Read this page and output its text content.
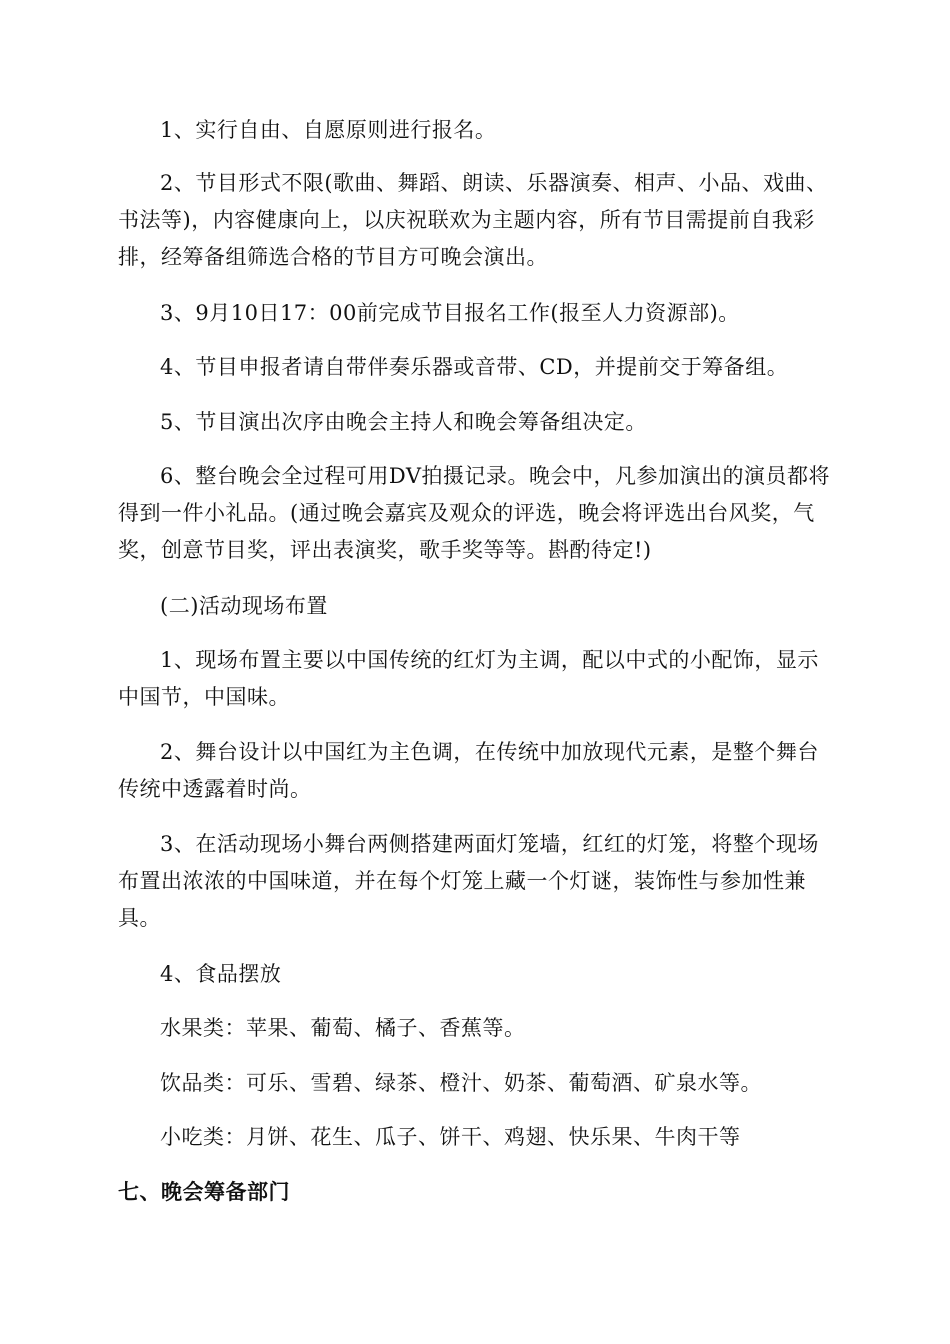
1、实行自由、自愿原则进行报名。

2、节目形式不限(歌曲、舞蹈、朗读、乐器演奏、相声、小品、戏曲、书法等)，内容健康向上，以庆祝联欢为主题内容，所有节目需提前自我彩排，经筹备组筛选合格的节目方可晚会演出。

3、9月10日17：00前完成节目报名工作(报至人力资源部)。

4、节目申报者请自带伴奏乐器或音带、CD，并提前交于筹备组。

5、节目演出次序由晚会主持人和晚会筹备组决定。

6、整台晚会全过程可用DV拍摄记录。晚会中，凡参加演出的演员都将得到一件小礼品。(通过晚会嘉宾及观众的评选，晚会将评选出台风奖，气奖，创意节目奖，评出表演奖，歌手奖等等。斟酌待定!)

(二)活动现场布置

1、现场布置主要以中国传统的红灯为主调，配以中式的小配饰，显示中国节，中国味。

2、舞台设计以中国红为主色调，在传统中加放现代元素，是整个舞台传统中透露着时尚。

3、在活动现场小舞台两侧搭建两面灯笼墙，红红的灯笼，将整个现场布置出浓浓的中国味道，并在每个灯笼上藏一个灯谜，装饰性与参加性兼具。

4、食品摆放

水果类：苹果、葡萄、橘子、香蕉等。

饮品类：可乐、雪碧、绿茶、橙汁、奶茶、葡萄酒、矿泉水等。

小吃类：月饼、花生、瓜子、饼干、鸡翅、快乐果、牛肉干等

七、晚会筹备部门
